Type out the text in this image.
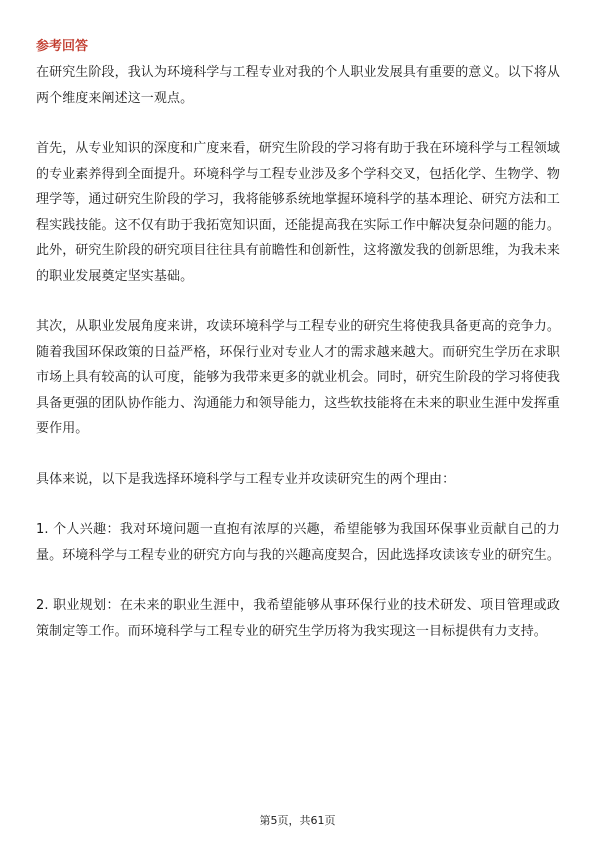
参考回答

在研究生阶段，我认为环境科学与工程专业对我的个人职业发展具有重要的意义。以下将从两个维度来阐述这一观点。

首先，从专业知识的深度和广度来看，研究生阶段的学习将有助于我在环境科学与工程领域的专业素养得到全面提升。环境科学与工程专业涉及多个学科交叉，包括化学、生物学、物理学等，通过研究生阶段的学习，我将能够系统地掌握环境科学的基本理论、研究方法和工程实践技能。这不仅有助于我拓宽知识面，还能提高我在实际工作中解决复杂问题的能力。此外，研究生阶段的研究项目往往具有前瞻性和创新性，这将激发我的创新思维，为我未来的职业发展奠定坚实基础。

其次，从职业发展角度来讲，攻读环境科学与工程专业的研究生将使我具备更高的竞争力。随着我国环保政策的日益严格，环保行业对专业人才的需求越来越大。而研究生学历在求职市场上具有较高的认可度，能够为我带来更多的就业机会。同时，研究生阶段的学习将使我具备更强的团队协作能力、沟通能力和领导能力，这些软技能将在未来的职业生涯中发挥重要作用。

具体来说，以下是我选择环境科学与工程专业并攻读研究生的两个理由：

1. 个人兴趣：我对环境问题一直抱有浓厚的兴趣，希望能够为我国环保事业贡献自己的力量。环境科学与工程专业的研究方向与我的兴趣高度契合，因此选择攻读该专业的研究生。

2. 职业规划：在未来的职业生涯中，我希望能够从事环保行业的技术研发、项目管理或政策制定等工作。而环境科学与工程专业的研究生学历将为我实现这一目标提供有力支持。

第5页，共61页
